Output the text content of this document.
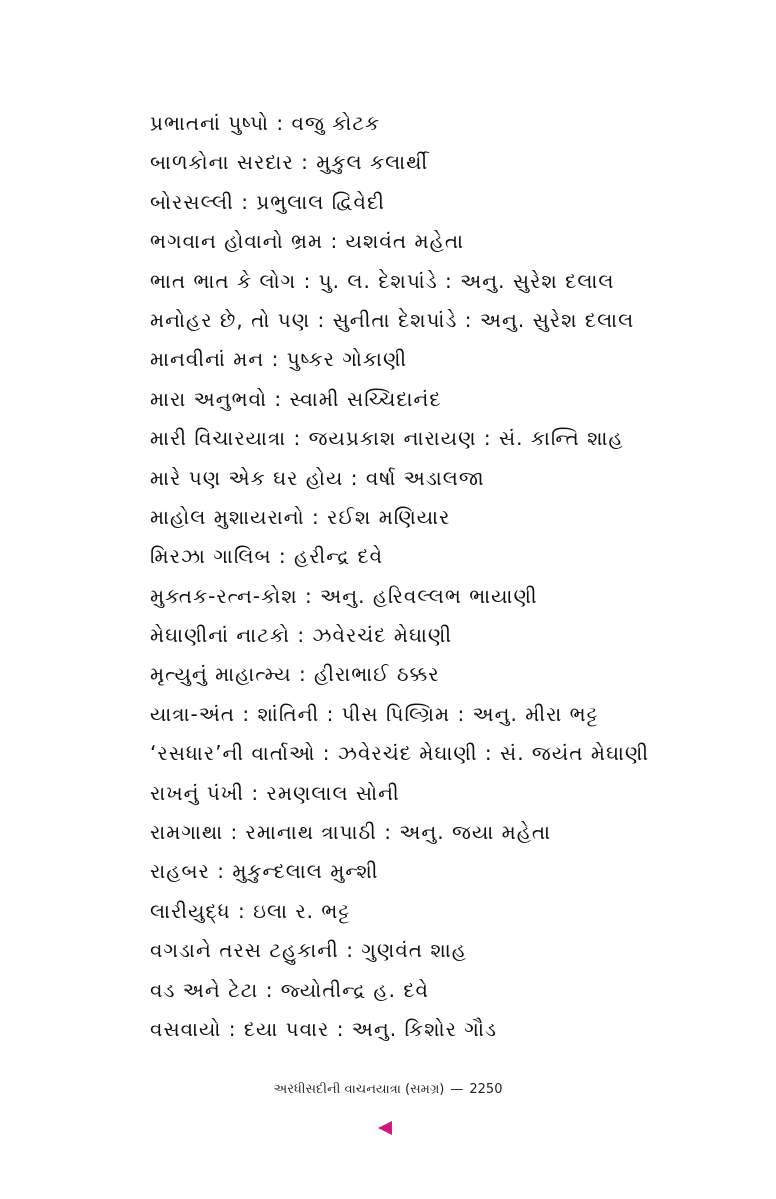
પ્રભાતનાં પુષ્પો : વજુ કોટક
બાળકોના સરદાર : મુકુલ કલાર્થી
બોરસલ્લી : પ્રભુલાલ દ્વિવેદી
ભગવાન હોવાનો ભ્રમ : યશવંત મહેતા
ભાત ભાત કે લોગ : પુ. લ. દેશપાંડે : અનુ. સુરેશ દલાલ
મનોહર છે, તો પણ : સુનીતા દેશપાંડે : અનુ. સુરેશ દલાલ
માનવીનાં મન : પુષ્કર ગોકાણી
મારા અનુભવો : સ્વામી સચ્ચિદાનંદ
મારી વિચારયાત્રા : જયપ્રકાશ નારાયણ : સં. કાન્તિ શાહ
મારે પણ એક ઘર હોય : વર્ષા અડાલજા
માહોલ મુશાયરાનો : રઈશ મણિયાર
મિરઝા ગાલિબ : હરીન્દ્ર દવે
મુક્તક-રત્ન-કોશ : અનુ. હરિવલ્લભ ભાયાણી
મેઘાણીનાં નાટકો : ઝવેરચંદ મેઘાણી
મૃત્યુનું માહાત્મ્ય : હીરાભાઈ ઠક્કર
યાત્રા-અંત : શાંતિની : પીસ પિલ્ગ્રિમ : અનુ. મીરા ભટ્ટ
‘રસધાર’ની વાર્તાઓ : ઝવેરચંદ મેઘાણી : સં. જયંત મેઘાણી
રાખનું પંખી : રમણલાલ સોની
રામગાથા : રમાનાથ ત્રાપાઠી : અનુ. જયા મહેતા
રાહબર : મુકુન્દલાલ મુન્શી
લારીયુદ્ધ : ઇલા ર. ભટ્ટ
વગડાને તરસ ટહુકાની : ગુણવંત શાહ
વડ અને ટેટા : જ્યોતીન્દ્ર હ. દવે
વસવાયો : દયા પવાર : અનુ. કિશોર ગૌડ
અરધીસદીની વાચનયાત્રા (સમગ્ર) — 2250
